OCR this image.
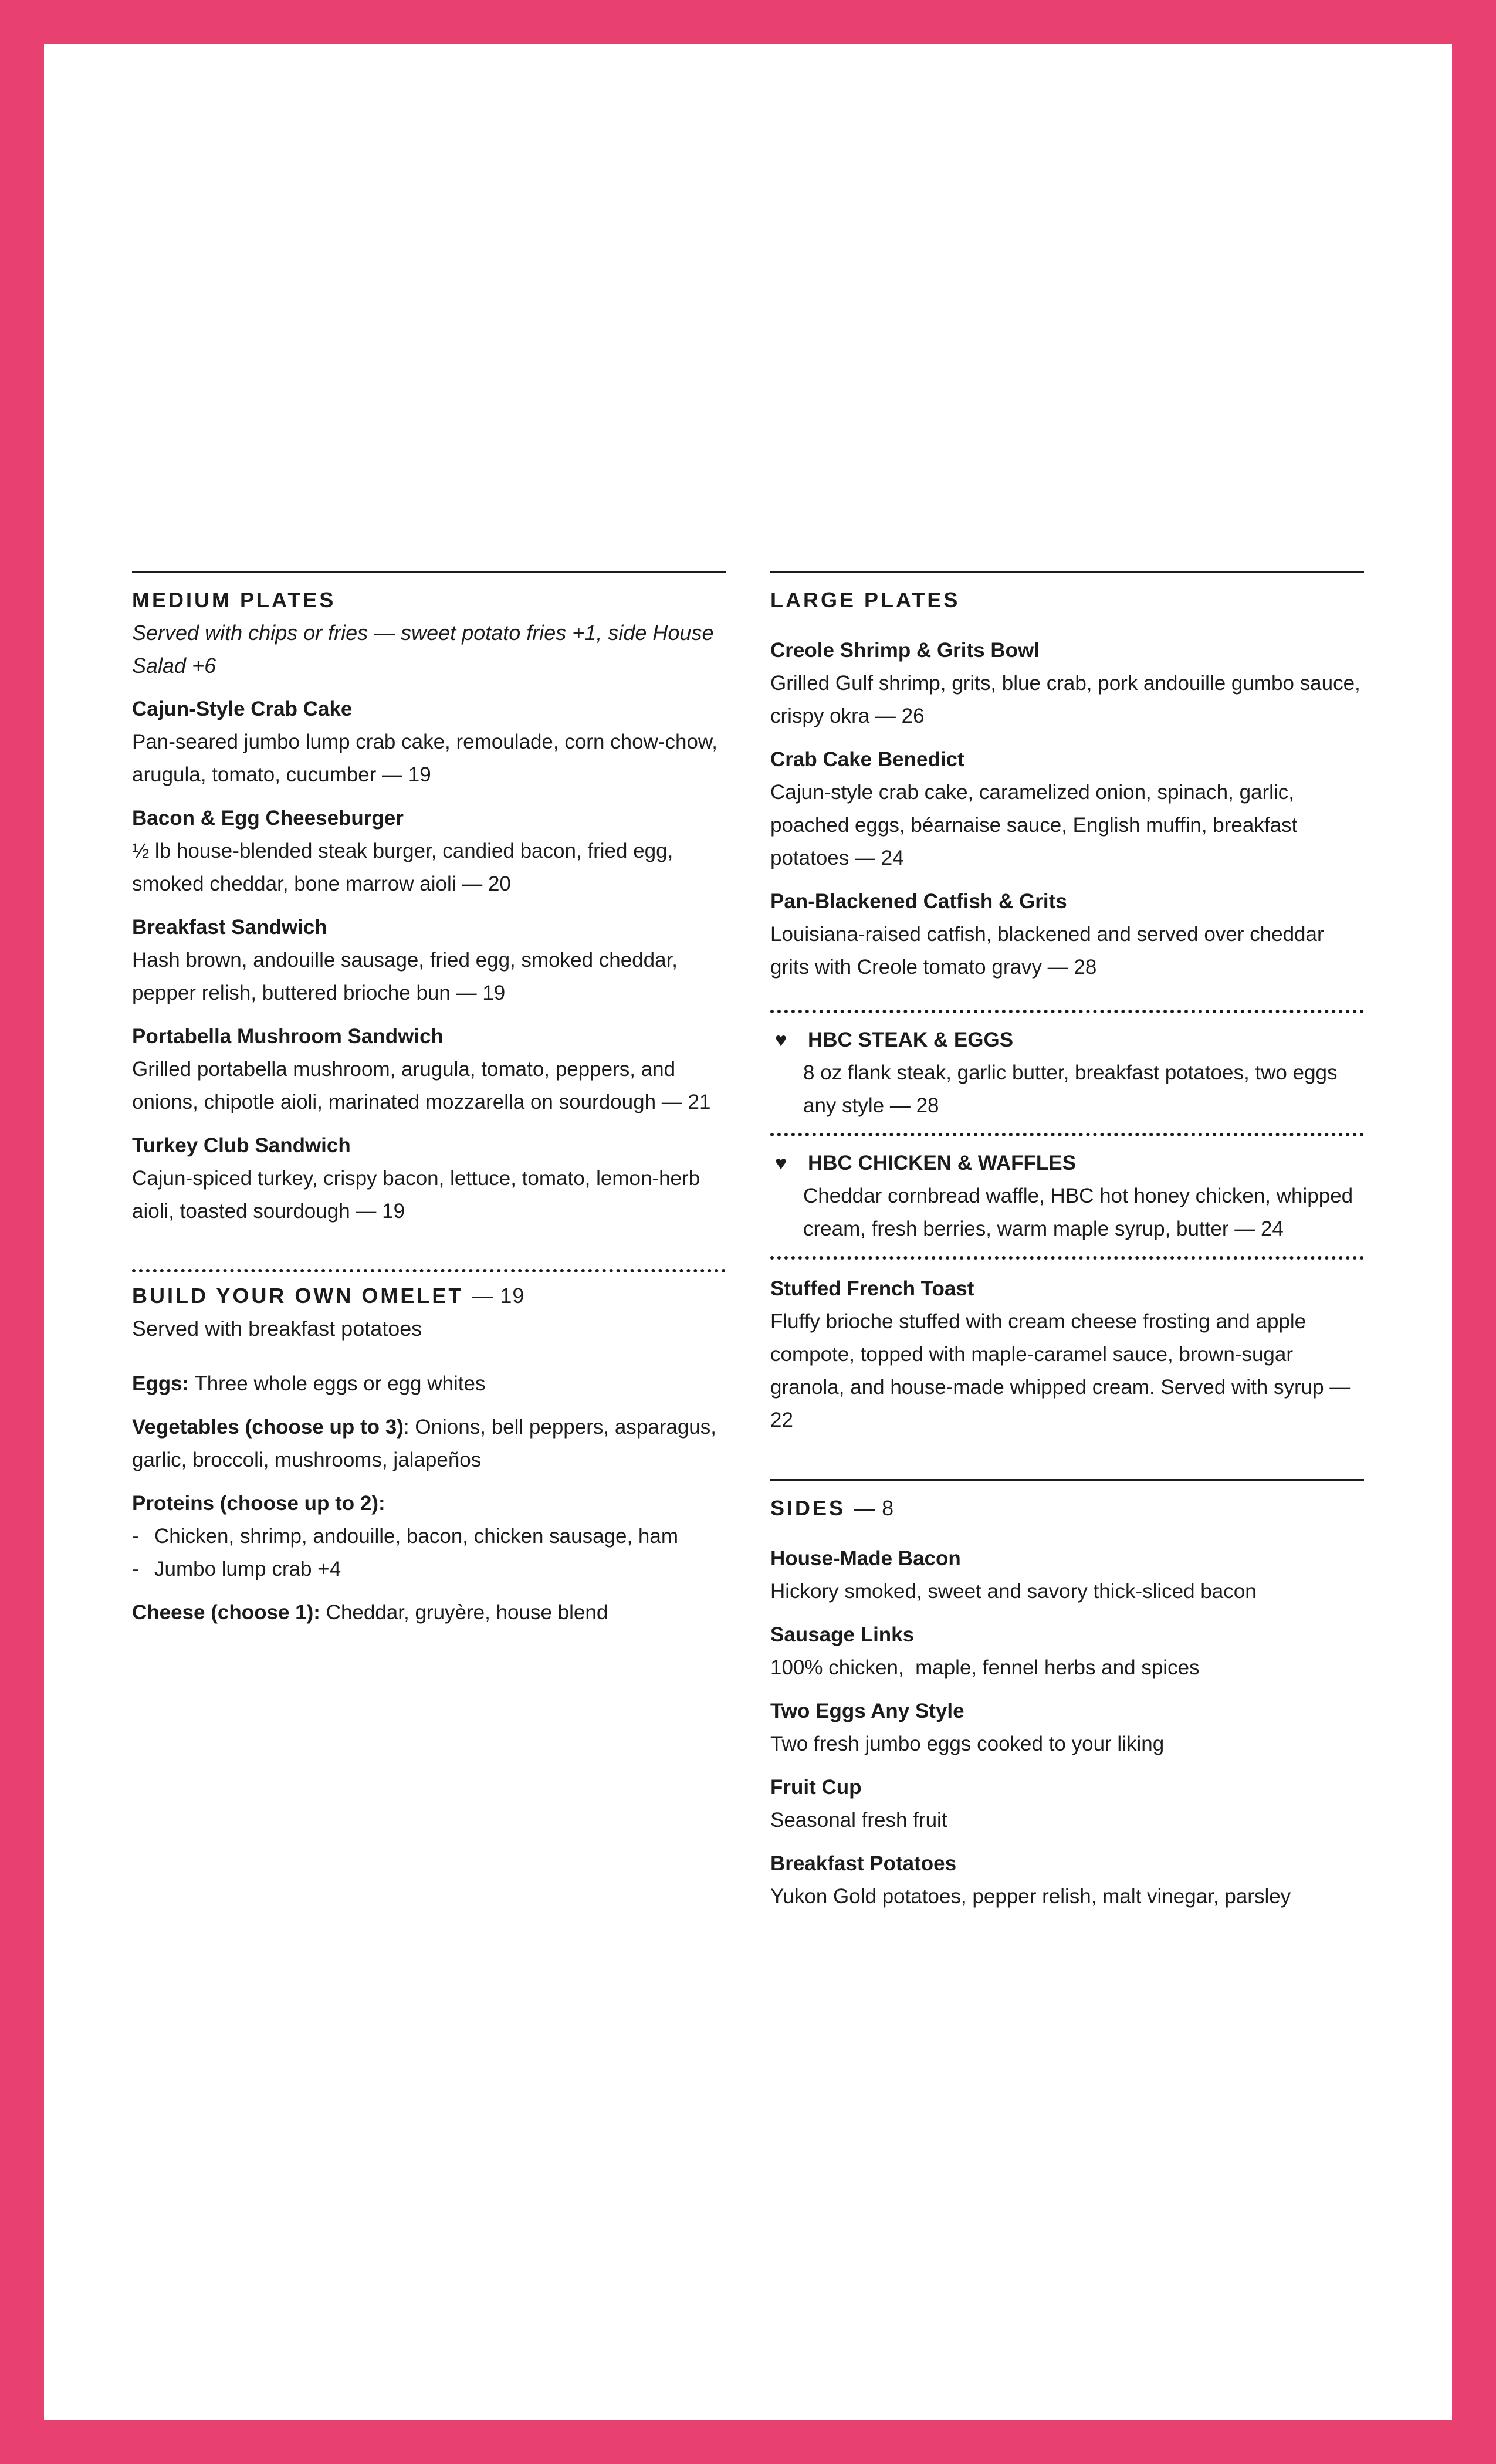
MEDIUM PLATES
Served with chips or fries — sweet potato fries +1, side House Salad +6
Cajun-Style Crab Cake
Pan-seared jumbo lump crab cake, remoulade, corn chow-chow, arugula, tomato, cucumber — 19
Bacon & Egg Cheeseburger
½ lb house-blended steak burger, candied bacon, fried egg, smoked cheddar, bone marrow aioli — 20
Breakfast Sandwich
Hash brown, andouille sausage, fried egg, smoked cheddar, pepper relish, buttered brioche bun — 19
Portabella Mushroom Sandwich
Grilled portabella mushroom, arugula, tomato, peppers, and onions, chipotle aioli, marinated mozzarella on sourdough — 21
Turkey Club Sandwich
Cajun-spiced turkey, crispy bacon, lettuce, tomato, lemon-herb aioli, toasted sourdough — 19
BUILD YOUR OWN OMELET — 19
Served with breakfast potatoes
Eggs: Three whole eggs or egg whites
Vegetables (choose up to 3): Onions, bell peppers, asparagus, garlic, broccoli, mushrooms, jalapeños
Proteins (choose up to 2):
- Chicken, shrimp, andouille, bacon, chicken sausage, ham
- Jumbo lump crab +4
Cheese (choose 1): Cheddar, gruyère, house blend
LARGE PLATES
Creole Shrimp & Grits Bowl
Grilled Gulf shrimp, grits, blue crab, pork andouille gumbo sauce, crispy okra — 26
Crab Cake Benedict
Cajun-style crab cake, caramelized onion, spinach, garlic, poached eggs, béarnaise sauce, English muffin, breakfast potatoes — 24
Pan-Blackened Catfish & Grits
Louisiana-raised catfish, blackened and served over cheddar grits with Creole tomato gravy — 28
♥ HBC STEAK & EGGS
8 oz flank steak, garlic butter, breakfast potatoes, two eggs any style — 28
♥ HBC CHICKEN & WAFFLES
Cheddar cornbread waffle, HBC hot honey chicken, whipped cream, fresh berries, warm maple syrup, butter — 24
Stuffed French Toast
Fluffy brioche stuffed with cream cheese frosting and apple compote, topped with maple-caramel sauce, brown-sugar granola, and house-made whipped cream. Served with syrup — 22
SIDES — 8
House-Made Bacon
Hickory smoked, sweet and savory thick-sliced bacon
Sausage Links
100% chicken,  maple, fennel herbs and spices
Two Eggs Any Style
Two fresh jumbo eggs cooked to your liking
Fruit Cup
Seasonal fresh fruit
Breakfast Potatoes
Yukon Gold potatoes, pepper relish, malt vinegar, parsley
